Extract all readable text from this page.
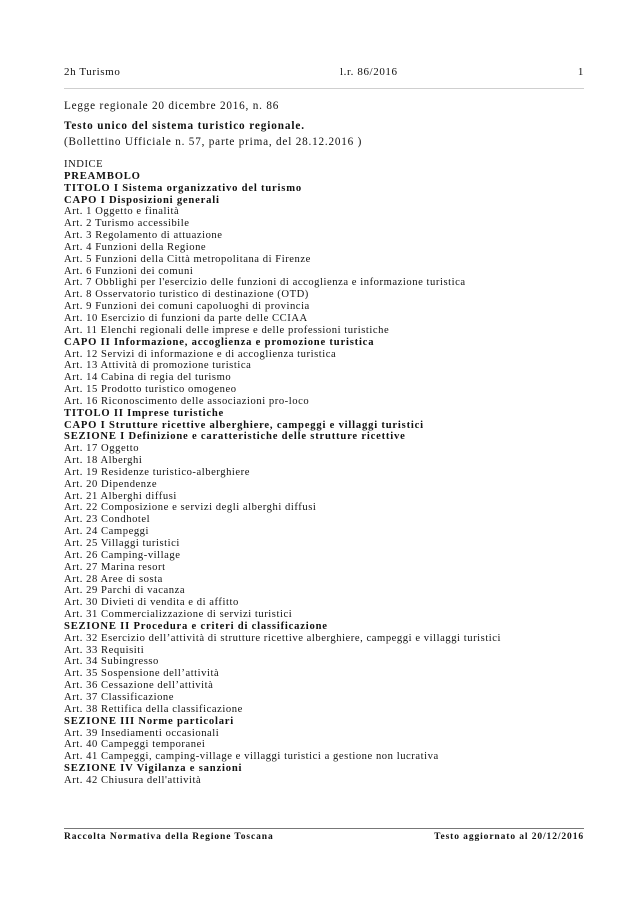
2h Turismo	l.r. 86/2016	1
Legge regionale 20 dicembre 2016, n. 86
Testo unico del sistema turistico regionale.
(Bollettino Ufficiale n. 57, parte prima, del 28.12.2016 )
INDICE
PREAMBOLO
TITOLO I Sistema organizzativo del turismo
CAPO I Disposizioni generali
Art. 1 Oggetto e finalità
Art. 2 Turismo accessibile
Art. 3 Regolamento di attuazione
Art. 4 Funzioni della Regione
Art. 5 Funzioni della Città metropolitana di Firenze
Art. 6 Funzioni dei comuni
Art. 7 Obblighi per l'esercizio delle funzioni di accoglienza e informazione turistica
Art. 8 Osservatorio turistico di destinazione (OTD)
Art. 9 Funzioni dei comuni capoluoghi di provincia
Art. 10 Esercizio di funzioni da parte delle CCIAA
Art. 11 Elenchi regionali delle imprese e delle professioni turistiche
CAPO II Informazione, accoglienza e promozione turistica
Art. 12 Servizi di informazione e di accoglienza turistica
Art. 13 Attività di promozione turistica
Art. 14 Cabina di regia del turismo
Art. 15 Prodotto turistico omogeneo
Art. 16 Riconoscimento delle associazioni pro-loco
TITOLO II Imprese turistiche
CAPO I Strutture ricettive alberghiere, campeggi e villaggi turistici
SEZIONE I Definizione e caratteristiche delle strutture ricettive
Art. 17 Oggetto
Art. 18 Alberghi
Art. 19 Residenze turistico-alberghiere
Art. 20 Dipendenze
Art. 21 Alberghi diffusi
Art. 22 Composizione e servizi degli alberghi diffusi
Art. 23 Condhotel
Art. 24 Campeggi
Art. 25 Villaggi turistici
Art. 26 Camping-village
Art. 27 Marina resort
Art. 28 Aree di sosta
Art. 29 Parchi di vacanza
Art. 30 Divieti di vendita e di affitto
Art. 31 Commercializzazione di servizi turistici
SEZIONE II Procedura e criteri di classificazione
Art. 32 Esercizio dell’attività di strutture ricettive alberghiere, campeggi e villaggi turistici
Art. 33 Requisiti
Art. 34 Subingresso
Art. 35 Sospensione dell’attività
Art. 36 Cessazione dell’attività
Art. 37 Classificazione
Art. 38 Rettifica della classificazione
SEZIONE III Norme particolari
Art. 39 Insediamenti occasionali
Art. 40 Campeggi temporanei
Art. 41 Campeggi, camping-village e villaggi turistici a gestione non lucrativa
SEZIONE IV Vigilanza e sanzioni
Art. 42 Chiusura dell'attività
Raccolta Normativa della Regione Toscana	Testo aggiornato al 20/12/2016
